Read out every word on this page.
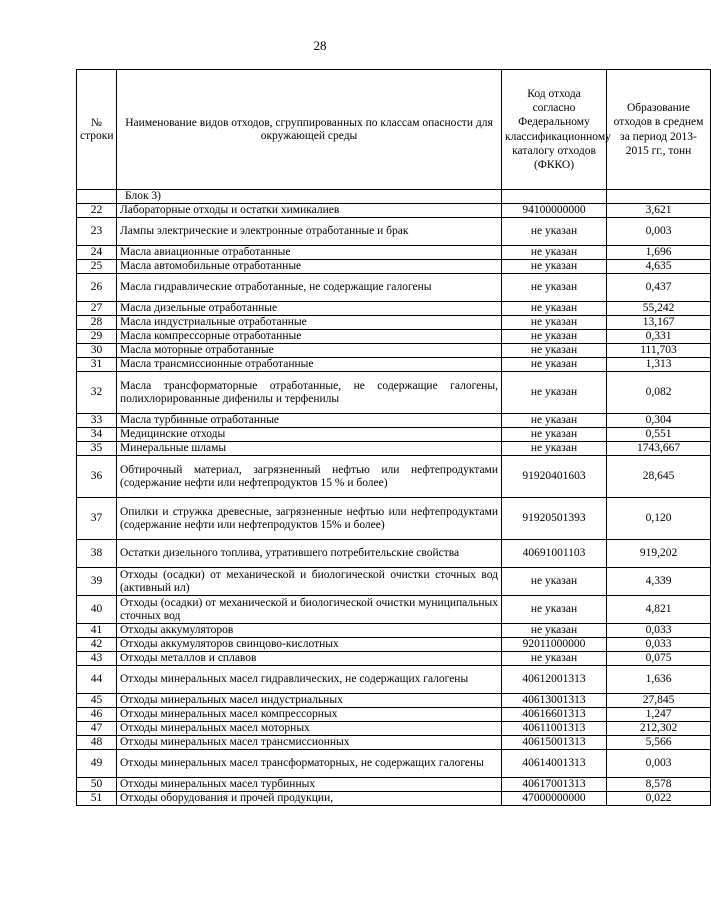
28
№ строки	Наименование видов отходов, сгруппированных по классам опасности для окружающей среды	Код отхода согласно Федеральному классификационному каталогу отходов (ФККО)	Образование отходов в среднем за период 2013-2015 гг., тонн
	Блок 3)		
22	Лабораторные отходы и остатки химикалиев	94100000000	3,621
23	Лампы электрические и электронные отработанные и брак	не указан	0,003
24	Масла авиационные отработанные	не указан	1,696
25	Масла автомобильные отработанные	не указан	4,635
26	Масла гидравлические отработанные, не содержащие галогены	не указан	0,437
27	Масла дизельные отработанные	не указан	55,242
28	Масла индустриальные отработанные	не указан	13,167
29	Масла компрессорные отработанные	не указан	0,331
30	Масла моторные отработанные	не указан	111,703
31	Масла трансмиссионные отработанные	не указан	1,313
32	Масла трансформаторные отработанные, не содержащие галогены, полихлорированные дифенилы и терфенилы	не указан	0,082
33	Масла турбинные отработанные	не указан	0,304
34	Медицинские отходы	не указан	0,551
35	Минеральные шламы	не указан	1743,667
36	Обтирочный материал, загрязненный нефтью или нефтепродуктами (содержание нефти или нефтепродуктов 15 % и более)	91920401603	28,645
37	Опилки и стружка древесные, загрязненные нефтью или нефтепродуктами (содержание нефти или нефтепродуктов 15% и более)	91920501393	0,120
38	Остатки дизельного топлива, утратившего потребительские свойства	40691001103	919,202
39	Отходы (осадки) от механической и биологической очистки сточных вод (активный ил)	не указан	4,339
40	Отходы (осадки) от механической и биологической очистки муниципальных сточных вод	не указан	4,821
41	Отходы аккумуляторов	не указан	0,033
42	Отходы аккумуляторов свинцово-кислотных	92011000000	0,033
43	Отходы металлов и сплавов	не указан	0,075
44	Отходы минеральных масел гидравлических, не содержащих галогены	40612001313	1,636
45	Отходы минеральных масел индустриальных	40613001313	27,845
46	Отходы минеральных масел компрессорных	40616601313	1,247
47	Отходы минеральных масел моторных	40611001313	212,302
48	Отходы минеральных масел трансмиссионных	40615001313	5,566
49	Отходы минеральных масел трансформаторных, не содержащих галогены	40614001313	0,003
50	Отходы минеральных масел турбинных	40617001313	8,578
51	Отходы оборудования и прочей продукции,	47000000000	0,022
